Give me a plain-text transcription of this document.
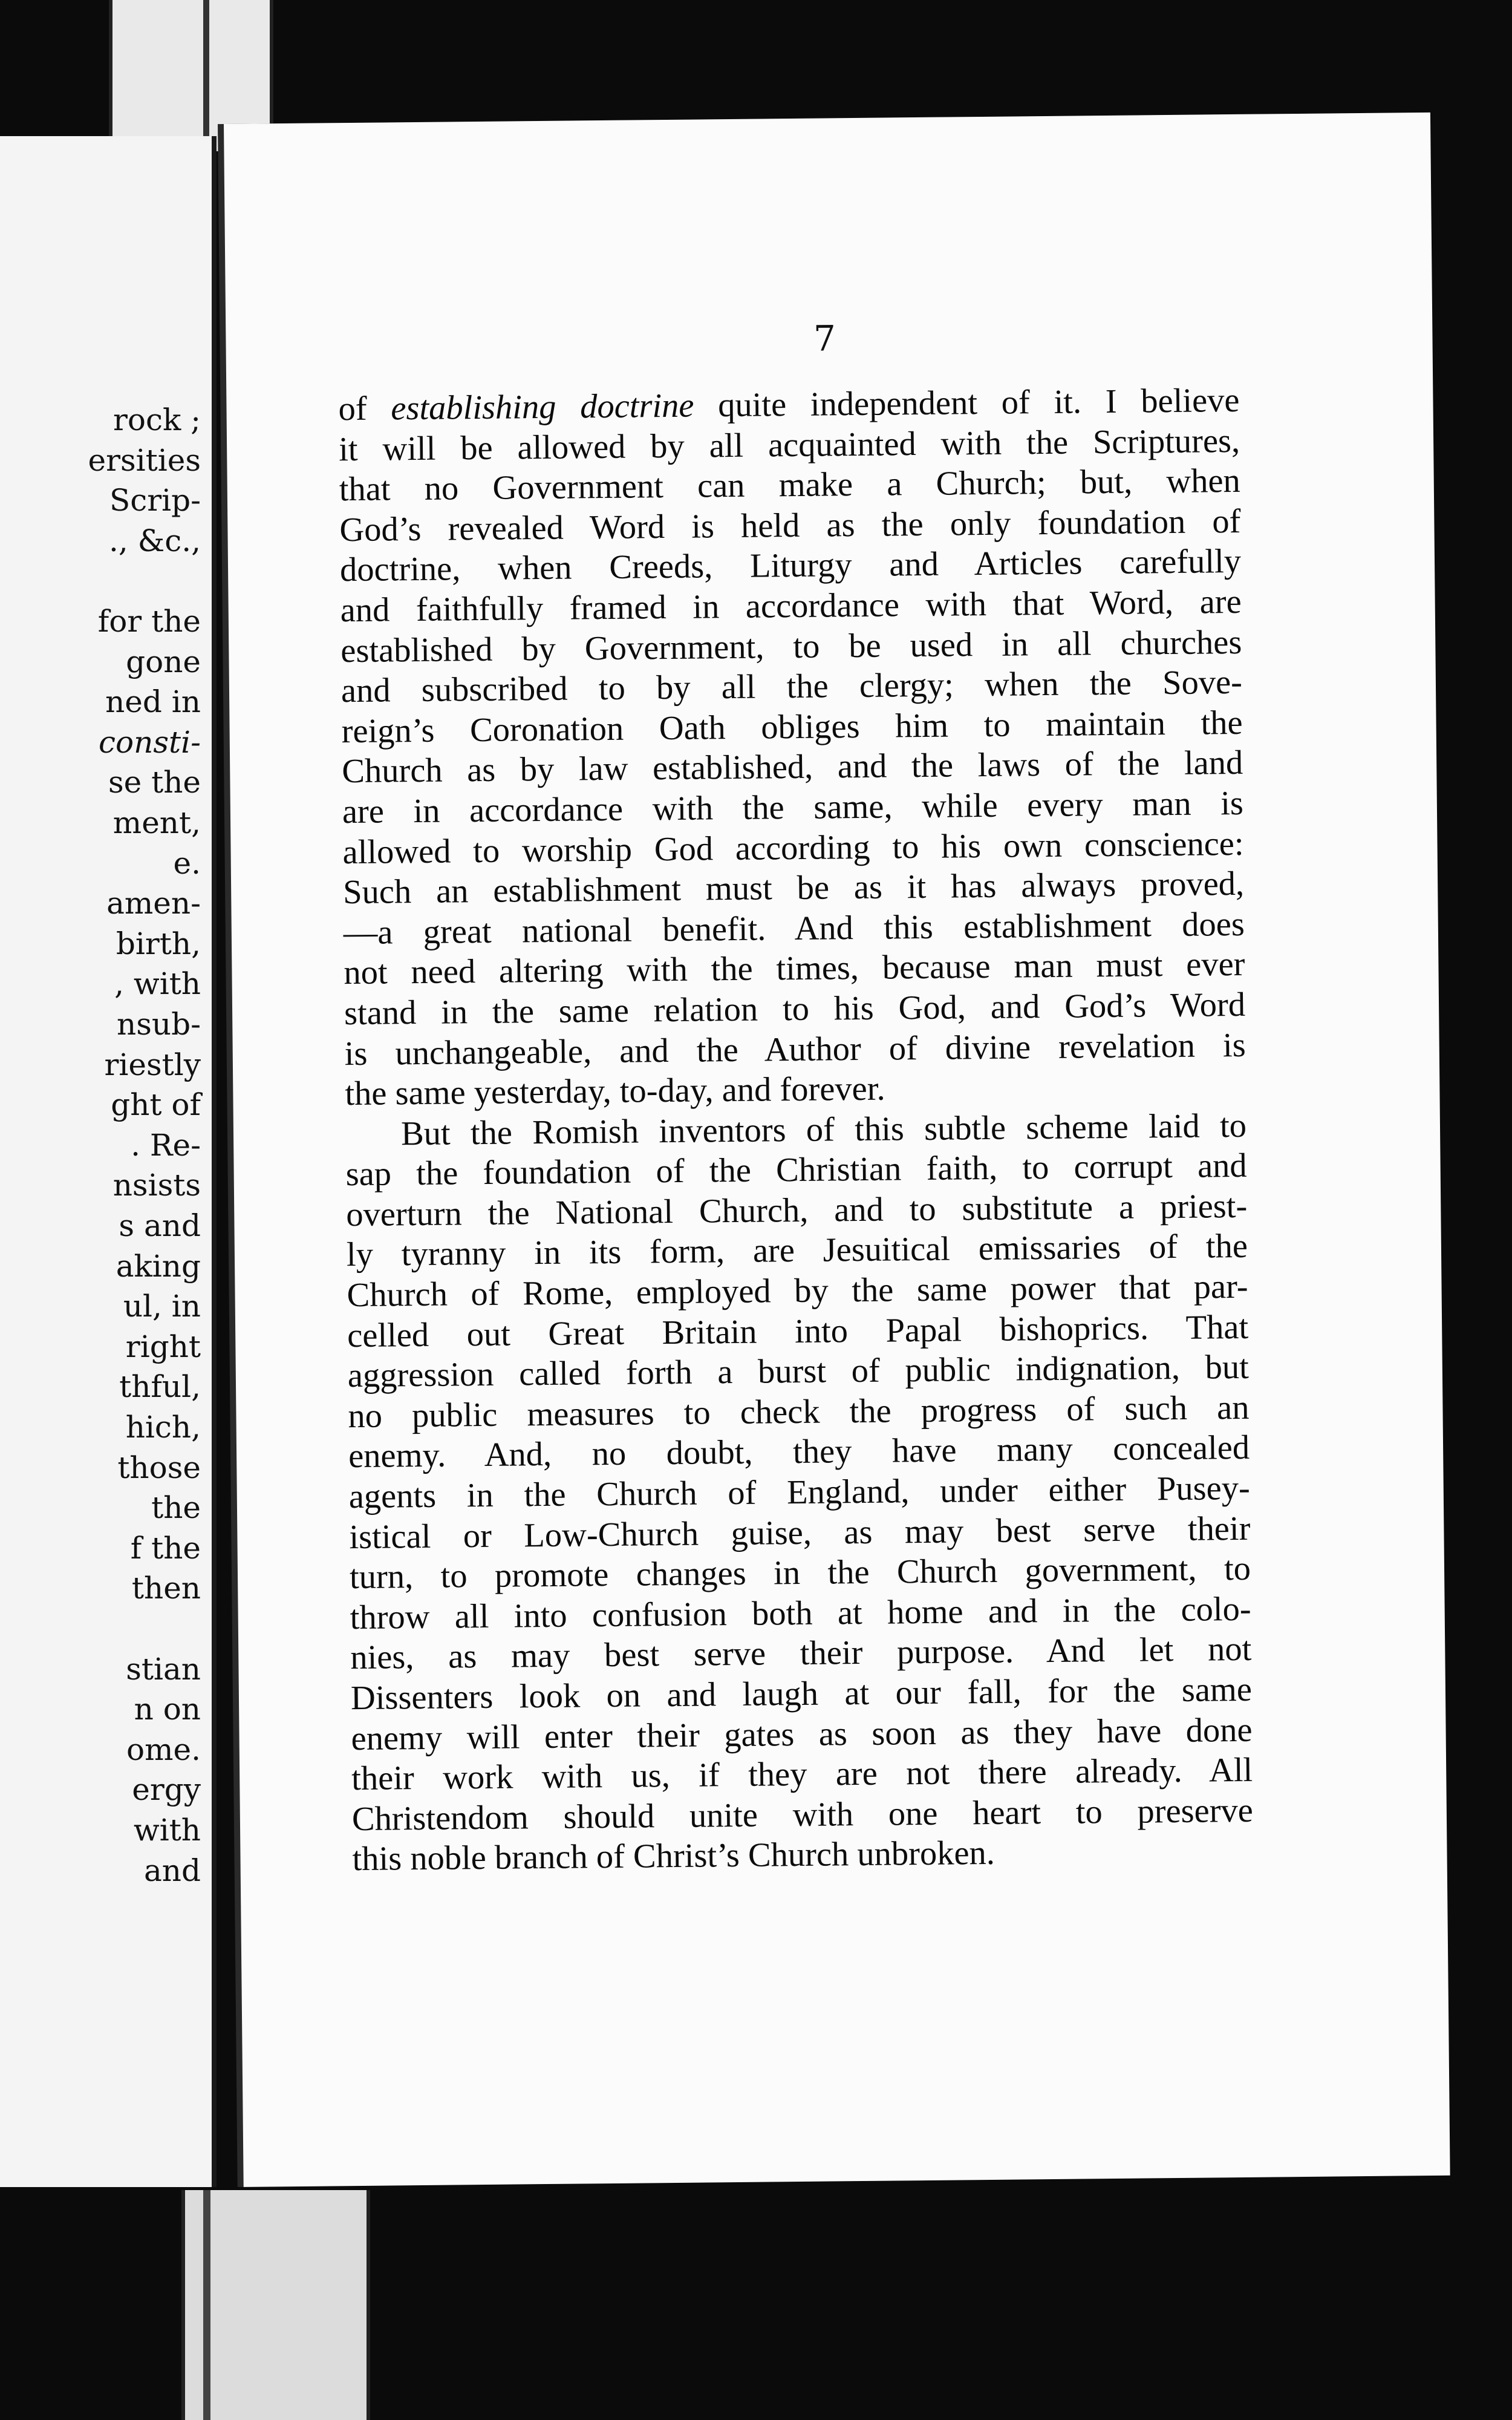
rock ;
ersities
Scrip-
., &c.,
for the
gone
ned in
consti-
se the
ment,
e.
amen-
birth,
, with
nsub-
riestly
ght of
. Re-
nsists
s and
aking
ul, in
right
thful,
hich,
those
the
f the
then
stian
n on
ome.
ergy
with
and
7
of establishing doctrine quite independent of it. I believe
it will be allowed by all acquainted with the Scriptures,
that no Government can make a Church; but, when
God’s revealed Word is held as the only foundation of
doctrine, when Creeds, Liturgy and Articles carefully
and faithfully framed in accordance with that Word, are
established by Government, to be used in all churches
and subscribed to by all the clergy; when the Sove-
reign’s Coronation Oath obliges him to maintain the
Church as by law established, and the laws of the land
are in accordance with the same, while every man is
allowed to worship God according to his own conscience:
Such an establishment must be as it has always proved,
—a great national benefit. And this establishment does
not need altering with the times, because man must ever
stand in the same relation to his God, and God’s Word
is unchangeable, and the Author of divine revelation is
the same yesterday, to-day, and forever.
But the Romish inventors of this subtle scheme laid to
sap the foundation of the Christian faith, to corrupt and
overturn the National Church, and to substitute a priest-
ly tyranny in its form, are Jesuitical emissaries of the
Church of Rome, employed by the same power that par-
celled out Great Britain into Papal bishoprics. That
aggression called forth a burst of public indignation, but
no public measures to check the progress of such an
enemy. And, no doubt, they have many concealed
agents in the Church of England, under either Pusey-
istical or Low-Church guise, as may best serve their
turn, to promote changes in the Church government, to
throw all into confusion both at home and in the colo-
nies, as may best serve their purpose. And let not
Dissenters look on and laugh at our fall, for the same
enemy will enter their gates as soon as they have done
their work with us, if they are not there already. All
Christendom should unite with one heart to preserve
this noble branch of Christ’s Church unbroken.
